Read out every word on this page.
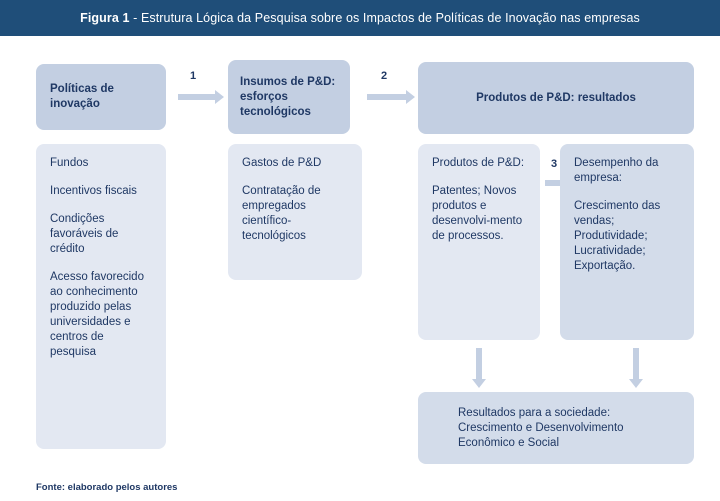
Figura 1 - Estrutura Lógica da Pesquisa sobre os Impactos de Políticas de Inovação nas empresas
Políticas de inovação
1	Insumos de P&D: esforços tecnológicos
2
Produtos de P&D: resultados

Fundos

Incentivos fiscais

Condições favoráveis de crédito

Acesso favorecido ao conhecimento produzido pelas universidades e centros de pesquisa

Gastos de P&D

Contratação de empregados científico-tecnológicos

Produtos de P&D:

Patentes; Novos produtos e desenvolvi-mento de processos.

3 Desempenho da empresa:

Crescimento das vendas; Produtividade; Lucratividade; Exportação.

Resultados para a sociedade: Crescimento e Desenvolvimento Econômico e Social
Fonte: elaborado pelos autores
